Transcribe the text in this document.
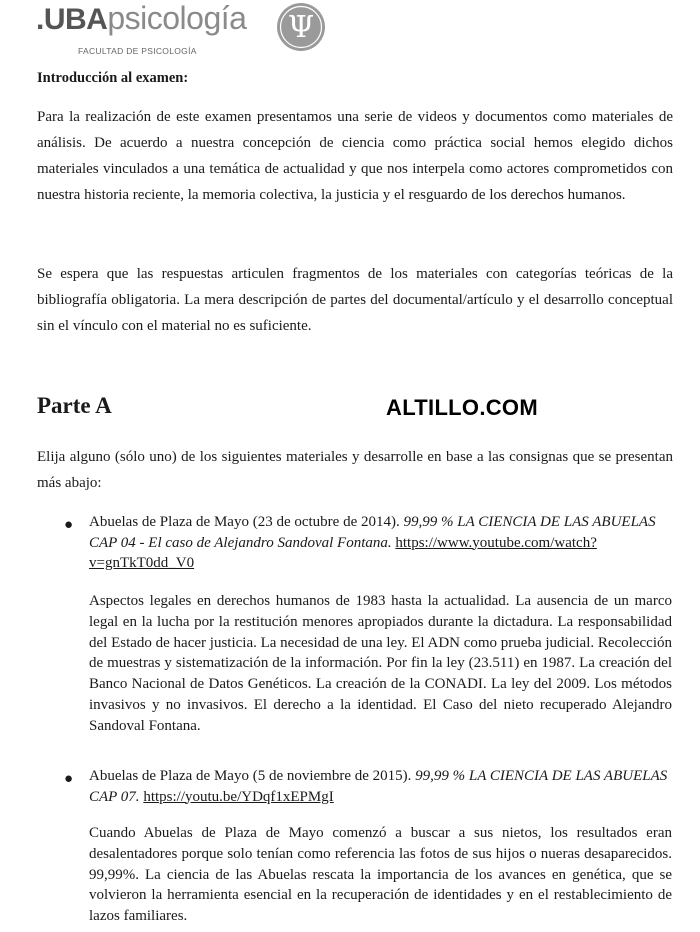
.UBApsicología
FACULTAD DE PSICOLOGÍA
Ψ
Introducción al examen:

Para la realización de este examen presentamos una serie de videos y documentos como materiales de análisis. De acuerdo a nuestra concepción de ciencia como práctica social hemos elegido dichos materiales vinculados a una temática de actualidad y que nos interpela como actores comprometidos con nuestra historia reciente, la memoria colectiva, la justicia y el resguardo de los derechos humanos.

Se espera que las respuestas articulen fragmentos de los materiales con categorías teóricas de la bibliografía obligatoria. La mera descripción de partes del documental/artículo y el desarrollo conceptual sin el vínculo con el material no es suficiente.

Parte A	ALTILLO.COM

Elija alguno (sólo uno) de los siguientes materiales y desarrolle en base a las consignas que se presentan más abajo:

● Abuelas de Plaza de Mayo (23 de octubre de 2014). 99,99 % LA CIENCIA DE LAS ABUELAS CAP 04 - El caso de Alejandro Sandoval Fontana. https://www.youtube.com/watch?v=gnTkT0dd_V0

Aspectos legales en derechos humanos de 1983 hasta la actualidad. La ausencia de un marco legal en la lucha por la restitución menores apropiados durante la dictadura. La responsabilidad del Estado de hacer justicia. La necesidad de una ley. El ADN como prueba judicial. Recolección de muestras y sistematización de la información. Por fin la ley (23.511) en 1987. La creación del Banco Nacional de Datos Genéticos. La creación de la CONADI. La ley del 2009. Los métodos invasivos y no invasivos. El derecho a la identidad. El Caso del nieto recuperado Alejandro Sandoval Fontana.

● Abuelas de Plaza de Mayo (5 de noviembre de 2015). 99,99 % LA CIENCIA DE LAS ABUELAS CAP 07. https://youtu.be/YDqf1xEPMgI

Cuando Abuelas de Plaza de Mayo comenzó a buscar a sus nietos, los resultados eran desalentadores porque solo tenían como referencia las fotos de sus hijos o nueras desaparecidos. 99,99%. La ciencia de las Abuelas rescata la importancia de los avances en genética, que se volvieron la herramienta esencial en la recuperación de identidades y en el restablecimiento de lazos familiares.
